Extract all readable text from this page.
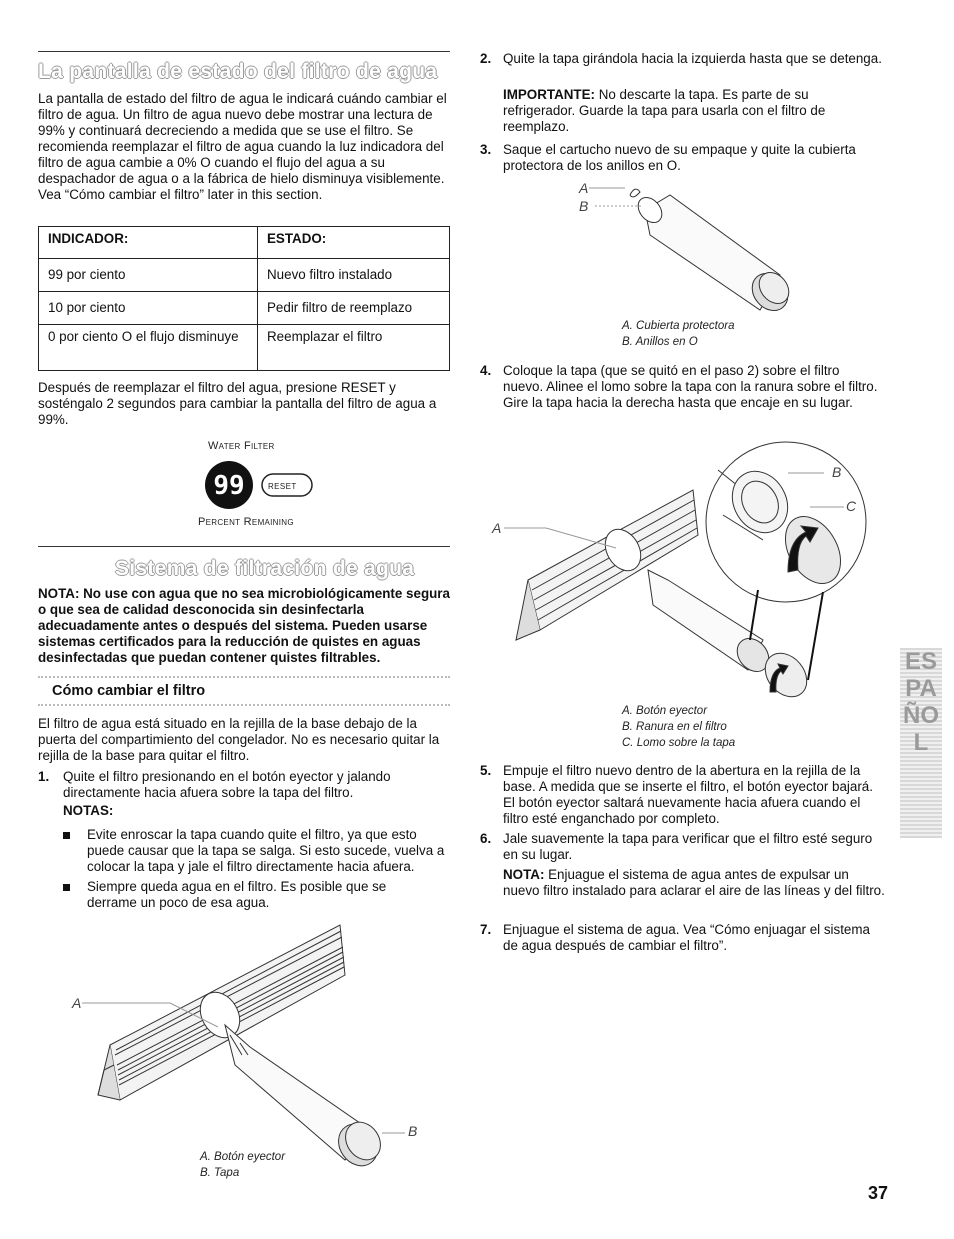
La pantalla de estado del filtro de agua

La pantalla de estado del filtro de agua le indicará cuándo cambiar el filtro de agua. Un filtro de agua nuevo debe mostrar una lectura de 99% y continuará decreciendo a medida que se use el filtro. Se recomienda reemplazar el filtro de agua cuando la luz indicadora del filtro de agua cambie a 0% O cuando el flujo del agua a su despachador de agua o a la fábrica de hielo disminuya visiblemente. Vea “Cómo cambiar el filtro” later in this section.

INDICADOR:	ESTADO:
99 por ciento	Nuevo filtro instalado
10 por ciento	Pedir filtro de reemplazo
0 por ciento O el flujo disminuye	Reemplazar el filtro

Después de reemplazar el filtro del agua, presione RESET y sosténgalo 2 segundos para cambiar la pantalla del filtro de agua a 99%.

Water Filter
99	RESET
Percent Remaining
Sistema de filtración de agua

NOTA: No use con agua que no sea microbiológicamente segura o que sea de calidad desconocida sin desinfectarla adecuadamente antes o después del sistema. Pueden usarse sistemas certificados para la reducción de quistes en aguas desinfectadas que puedan contener quistes filtrables.

Cómo cambiar el filtro

El filtro de agua está situado en la rejilla de la base debajo de la puerta del compartimiento del congelador. No es necesario quitar la rejilla de la base para quitar el filtro.

1. Quite el filtro presionando en el botón eyector y jalando directamente hacia afuera sobre la tapa del filtro.

NOTAS:

Evite enroscar la tapa cuando quite el filtro, ya que esto puede causar que la tapa se salga. Si esto sucede, vuelva a colocar la tapa y jale el filtro directamente hacia afuera.

Siempre queda agua en el filtro. Es posible que se derrame un poco de esa agua.

A
B
A. Botón eyector
B. Tapa
2. Quite la tapa girándola hacia la izquierda hasta que se detenga.

IMPORTANTE: No descarte la tapa. Es parte de su refrigerador. Guarde la tapa para usarla con el filtro de reemplazo.

3. Saque el cartucho nuevo de su empaque y quite la cubierta protectora de los anillos en O.

A
B
A. Cubierta protectora
B. Anillos en O
4. Coloque la tapa (que se quitó en el paso 2) sobre el filtro nuevo. Alinee el lomo sobre la tapa con la ranura sobre el filtro. Gire la tapa hacia la derecha hasta que encaje en su lugar.

A
B
C
A. Botón eyector
B. Ranura en el filtro
C. Lomo sobre la tapa
5. Empuje el filtro nuevo dentro de la abertura en la rejilla de la base. A medida que se inserte el filtro, el botón eyector bajará. El botón eyector saltará nuevamente hacia afuera cuando el filtro esté enganchado por completo.

6. Jale suavemente la tapa para verificar que el filtro esté seguro en su lugar.

NOTA: Enjuague el sistema de agua antes de expulsar un nuevo filtro instalado para aclarar el aire de las líneas y del filtro.

7. Enjuague el sistema de agua. Vea “Cómo enjuagar el sistema de agua después de cambiar el filtro”.

ESPAÑOL
37
